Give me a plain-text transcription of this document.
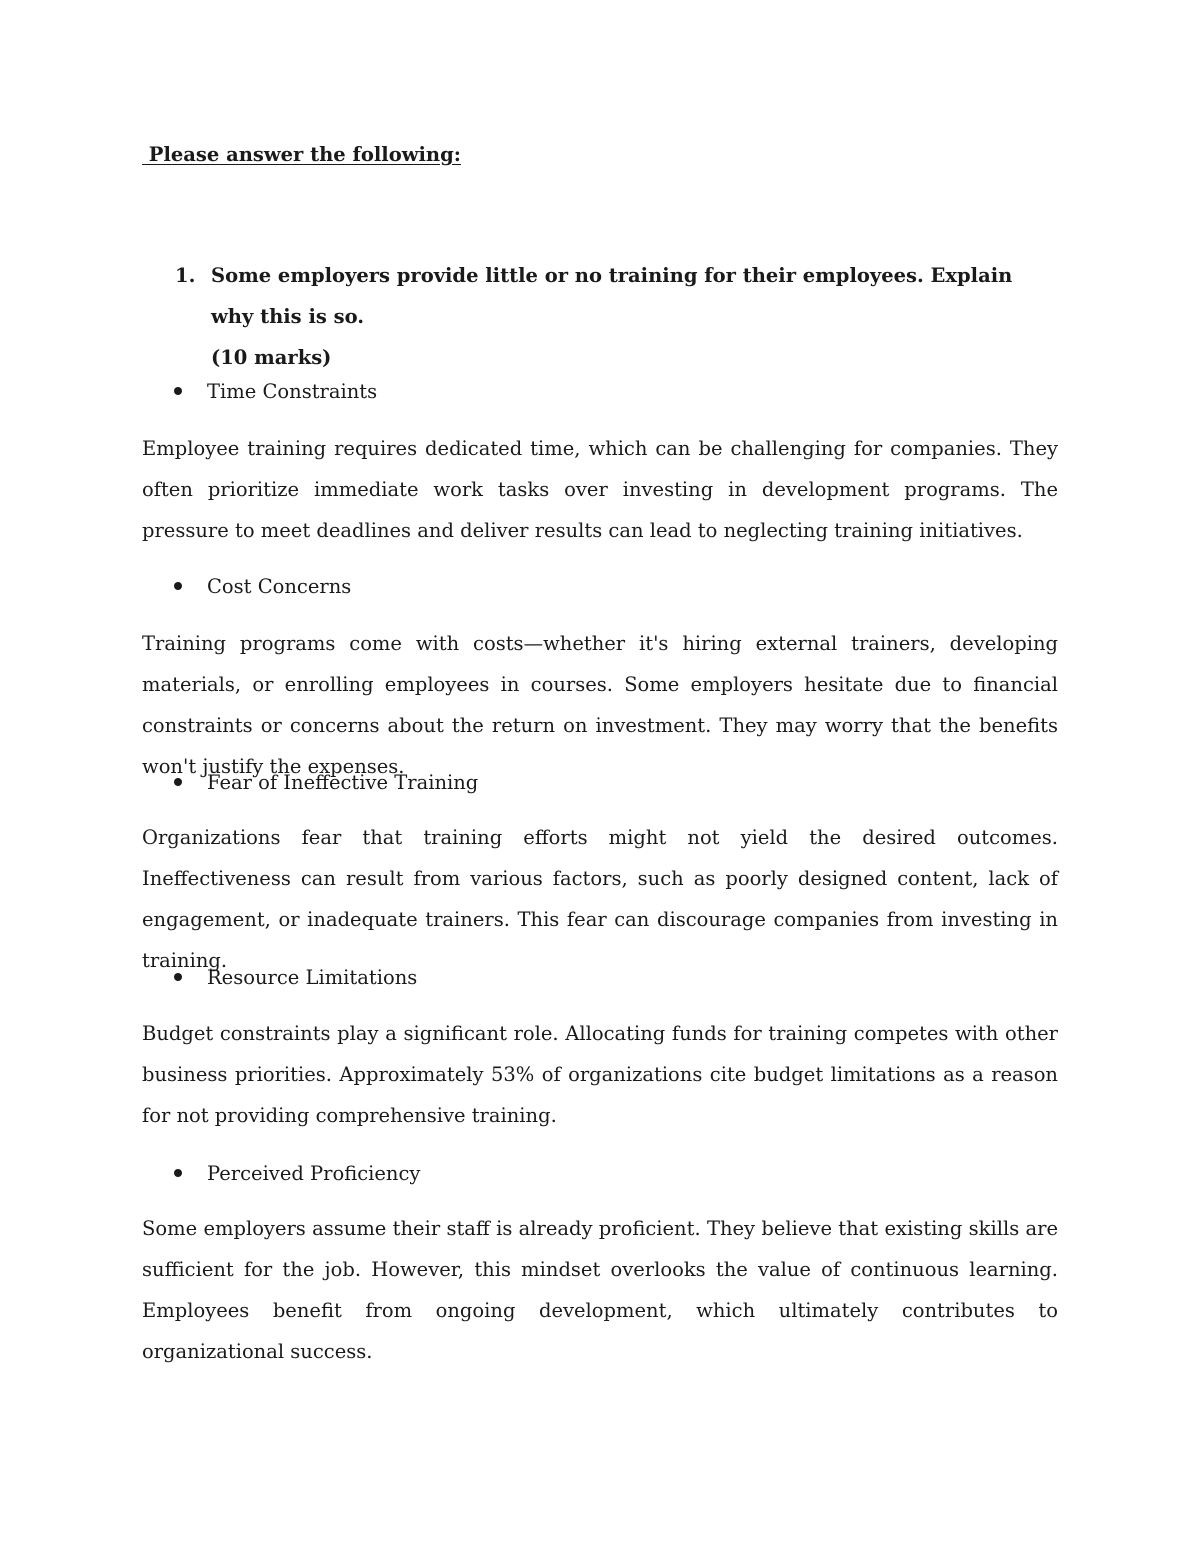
Please answer the following:
1. Some employers provide little or no training for their employees. Explain why this is so.
(10 marks)
Time Constraints
Employee training requires dedicated time, which can be challenging for companies. They often prioritize immediate work tasks over investing in development programs. The pressure to meet deadlines and deliver results can lead to neglecting training initiatives.
Cost Concerns
Training programs come with costs—whether it's hiring external trainers, developing materials, or enrolling employees in courses. Some employers hesitate due to financial constraints or concerns about the return on investment. They may worry that the benefits won't justify the expenses.
Fear of Ineffective Training
Organizations fear that training efforts might not yield the desired outcomes. Ineffectiveness can result from various factors, such as poorly designed content, lack of engagement, or inadequate trainers. This fear can discourage companies from investing in training.
Resource Limitations
Budget constraints play a significant role. Allocating funds for training competes with other business priorities. Approximately 53% of organizations cite budget limitations as a reason for not providing comprehensive training.
Perceived Proficiency
Some employers assume their staff is already proficient. They believe that existing skills are sufficient for the job. However, this mindset overlooks the value of continuous learning. Employees benefit from ongoing development, which ultimately contributes to organizational success.
